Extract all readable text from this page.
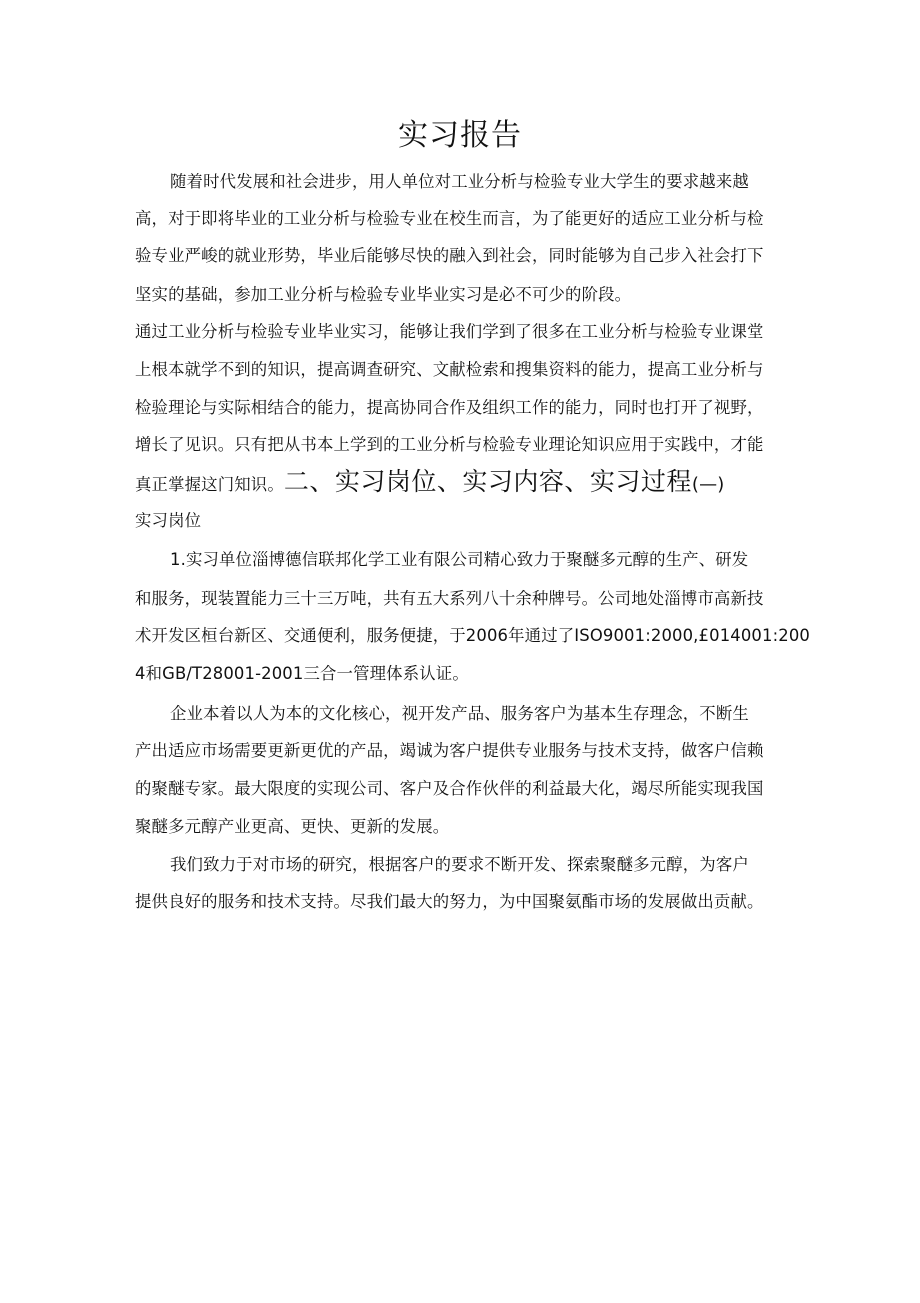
实习报告
随着时代发展和社会进步，用人单位对工业分析与检验专业大学生的要求越来越
高，对于即将毕业的工业分析与检验专业在校生而言，为了能更好的适应工业分析与检
验专业严峻的就业形势，毕业后能够尽快的融入到社会，同时能够为自己步入社会打下
坚实的基础，参加工业分析与检验专业毕业实习是必不可少的阶段。
通过工业分析与检验专业毕业实习，能够让我们学到了很多在工业分析与检验专业课堂
上根本就学不到的知识，提高调查研究、文献检索和搜集资料的能力，提高工业分析与
检验理论与实际相结合的能力，提高协同合作及组织工作的能力，同时也打开了视野，
增长了见识。只有把从书本上学到的工业分析与检验专业理论知识应用于实践中，才能
真正掌握这门知识。二、实习岗位、实习内容、实习过程(—)
实习岗位
1.实习单位淄博德信联邦化学工业有限公司精心致力于聚醚多元醇的生产、研发
和服务，现装置能力三十三万吨，共有五大系列八十余种牌号。公司地处淄博市高新技
术开发区桓台新区、交通便利，服务便捷，于2006年通过了ISO9001:2000,£014001:200
4和GB/T28001-2001三合一管理体系认证。
企业本着以人为本的文化核心，视开发产品、服务客户为基本生存理念，不断生
产出适应市场需要更新更优的产品，竭诚为客户提供专业服务与技术支持，做客户信赖
的聚醚专家。最大限度的实现公司、客户及合作伙伴的利益最大化，竭尽所能实现我国
聚醚多元醇产业更高、更快、更新的发展。
我们致力于对市场的研究，根据客户的要求不断开发、探索聚醚多元醇，为客户
提供良好的服务和技术支持。尽我们最大的努力，为中国聚氨酯市场的发展做出贡献。
